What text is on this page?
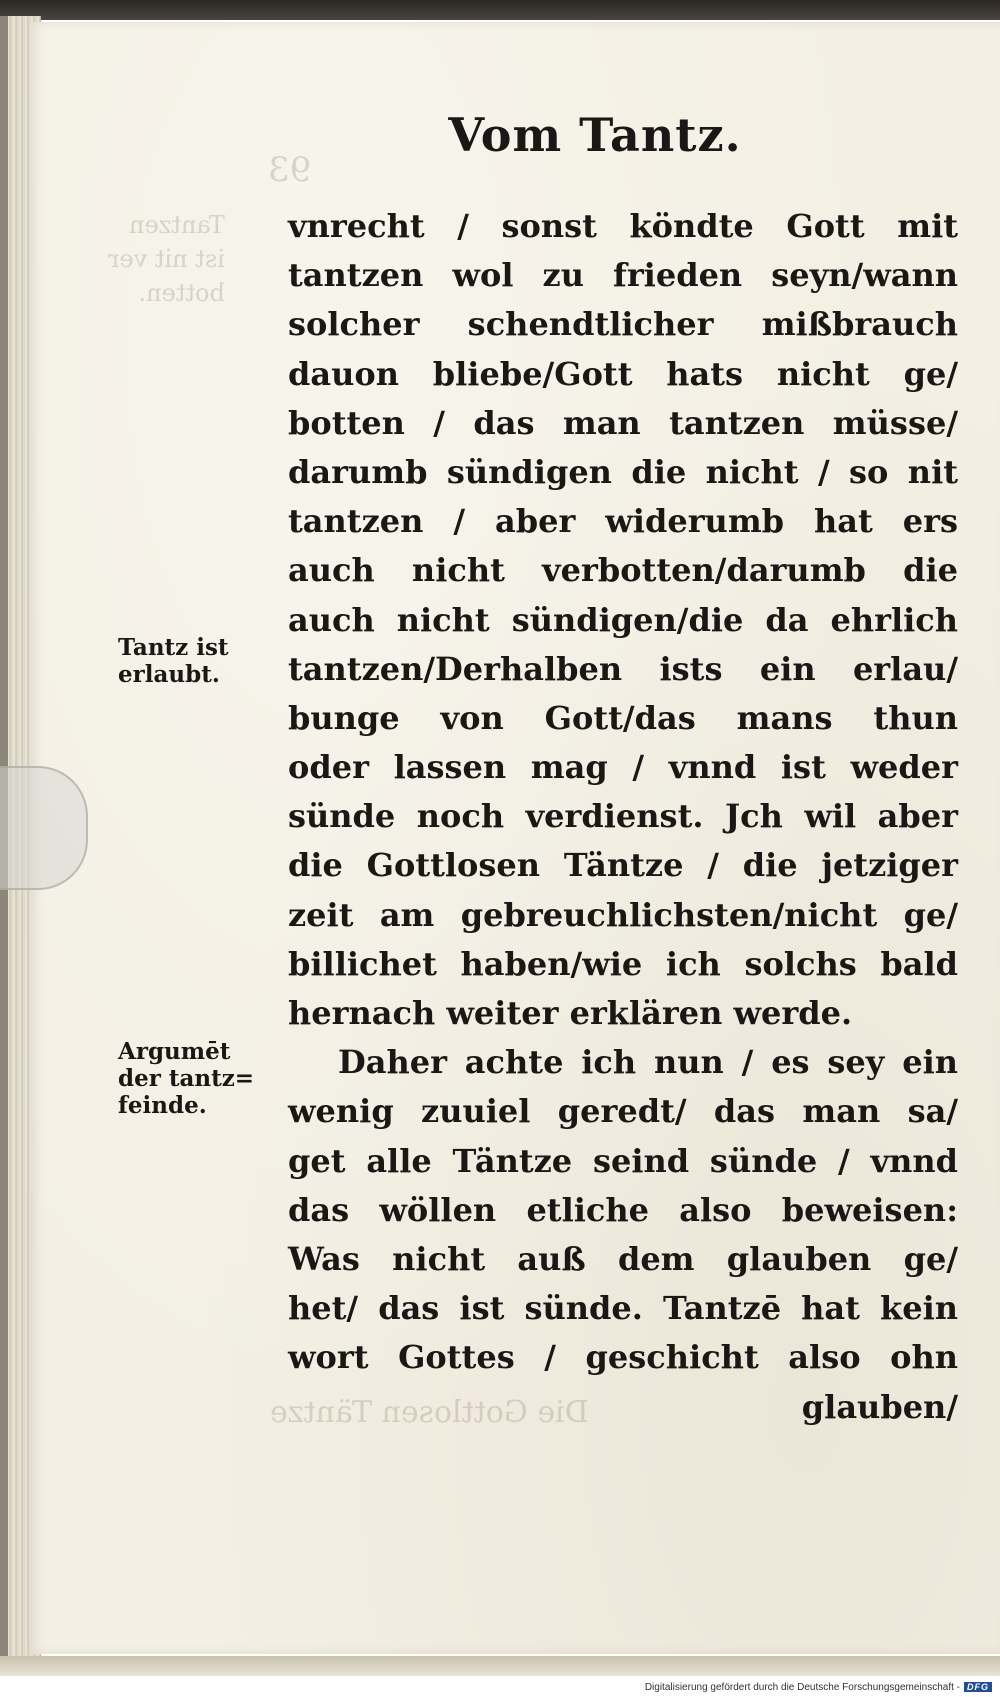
93
Tantzen
ist nit ver
botten.
Die Gottlosen Täntze
Vom Tantz.
vnrecht / sonst köndte Gott mit
tantzen wol zu frieden seyn/wann
solcher schendtlicher mißbrauch
dauon bliebe/Gott hats nicht ge/
botten / das man tantzen müsse/
darumb sündigen die nicht / so nit
tantzen / aber widerumb hat ers
auch nicht verbotten/darumb die
auch nicht sündigen/die da ehrlich
tantzen/Derhalben ists ein erlau/
bunge von Gott/das mans thun
oder lassen mag / vnnd ist weder
sünde noch verdienst. Jch wil aber
die Gottlosen Täntze / die jetziger
zeit am gebreuchlichsten/nicht ge/
billichet haben/wie ich solchs bald
hernach weiter erklären werde.
Daher achte ich nun / es sey ein
wenig zuuiel geredt/ das man sa/
get alle Täntze seind sünde / vnnd
das wöllen etliche also beweisen:
Was nicht auß dem glauben ge/
het/ das ist sünde. Tantzē hat kein
wort Gottes / geschicht also ohn
glauben/
Tantz ist
erlaubt.
Argumēt
der tantz=
feinde.
Digitalisierung gefördert durch die Deutsche Forschungsgemeinschaft - DFG
